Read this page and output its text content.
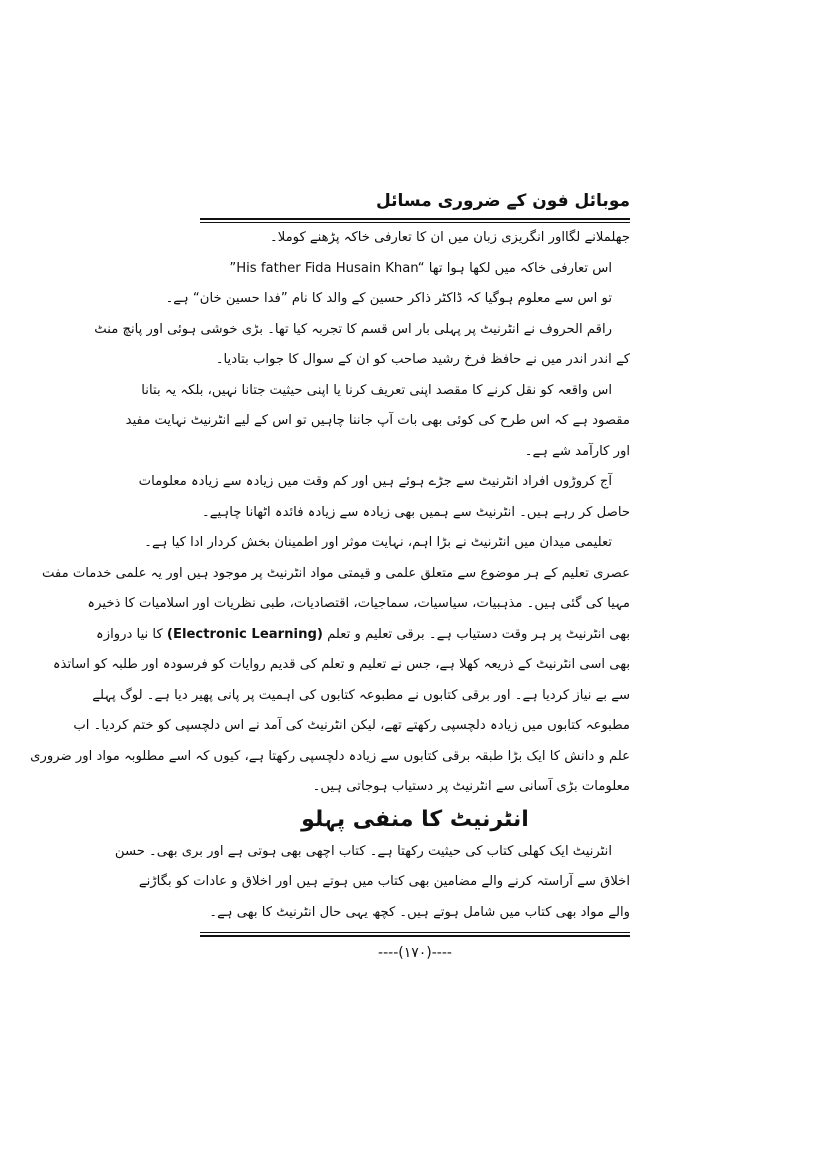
موبائل فون کے ضروری مسائل
جھلملانے لگااور انگریزی زبان میں ان کا تعارفی خاکہ پڑھنے کوملا۔
اس تعارفی خاکہ میں لکھا ہوا تھا ”His father Fida Husain Khan“
تو اس سے معلوم ہوگیا کہ ڈاکٹر ذاکر حسین کے والد کا نام ”فدا حسین خان“ ہے۔
راقم الحروف نے انٹرنیٹ پر پہلی بار اس قسم کا تجربہ کیا تھا۔ بڑی خوشی ہوئی اور پانچ منٹ
کے اندر اندر میں نے حافظ فرخ رشید صاحب کو ان کے سوال کا جواب بتادیا۔
اس واقعہ کو نقل کرنے کا مقصد اپنی تعریف کرنا یا اپنی حیثیت جتانا نہیں، بلکہ یہ بتانا
مقصود ہے کہ اس طرح کی کوئی بھی بات آپ جاننا چاہیں تو اس کے لیے انٹرنیٹ نہایت مفید
اور کارآمد شے ہے۔
آج کروڑوں افراد انٹرنیٹ سے جڑے ہوئے ہیں اور کم وقت میں زیادہ سے زیادہ معلومات
حاصل کر رہے ہیں۔ انٹرنیٹ سے ہمیں بھی زیادہ سے زیادہ فائدہ اٹھانا چاہیے۔
تعلیمی میدان میں انٹرنیٹ نے بڑا اہم، نہایت موثر اور اطمینان بخش کردار ادا کیا ہے۔
عصری تعلیم کے ہر موضوع سے متعلق علمی و قیمتی مواد انٹرنیٹ پر موجود ہیں اور یہ علمی خدمات مفت
مہیا کی گئی ہیں۔ مذہبیات، سیاسیات، سماجیات، اقتصادیات، طبی نظریات اور اسلامیات کا ذخیرہ
بھی انٹرنیٹ پر ہر وقت دستیاب ہے۔ برقی تعلیم و تعلم (Electronic Learning) کا نیا دروازہ
بھی اسی انٹرنیٹ کے ذریعہ کھلا ہے، جس نے تعلیم و تعلم کی قدیم روایات کو فرسودہ اور طلبہ کو اساتذہ
سے بے نیاز کردیا ہے۔ اور برقی کتابوں نے مطبوعہ کتابوں کی اہمیت پر پانی پھیر دیا ہے۔ لوگ پہلے
مطبوعہ کتابوں میں زیادہ دلچسپی رکھتے تھے، لیکن انٹرنیٹ کی آمد نے اس دلچسپی کو ختم کردیا۔ اب
علم و دانش کا ایک بڑا طبقہ برقی کتابوں سے زیادہ دلچسپی رکھتا ہے، کیوں کہ اسے مطلوبہ مواد اور ضروری
معلومات بڑی آسانی سے انٹرنیٹ پر دستیاب ہوجاتی ہیں۔
انٹرنیٹ کا منفی پہلو
انٹرنیٹ ایک کھلی کتاب کی حیثیت رکھتا ہے۔ کتاب اچھی بھی ہوتی ہے اور بری بھی۔ حسن
اخلاق سے آراستہ کرنے والے مضامین بھی کتاب میں ہوتے ہیں اور اخلاق و عادات کو بگاڑنے
والے مواد بھی کتاب میں شامل ہوتے ہیں۔ کچھ یہی حال انٹرنیٹ کا بھی ہے۔
----(۱۷۰)----
